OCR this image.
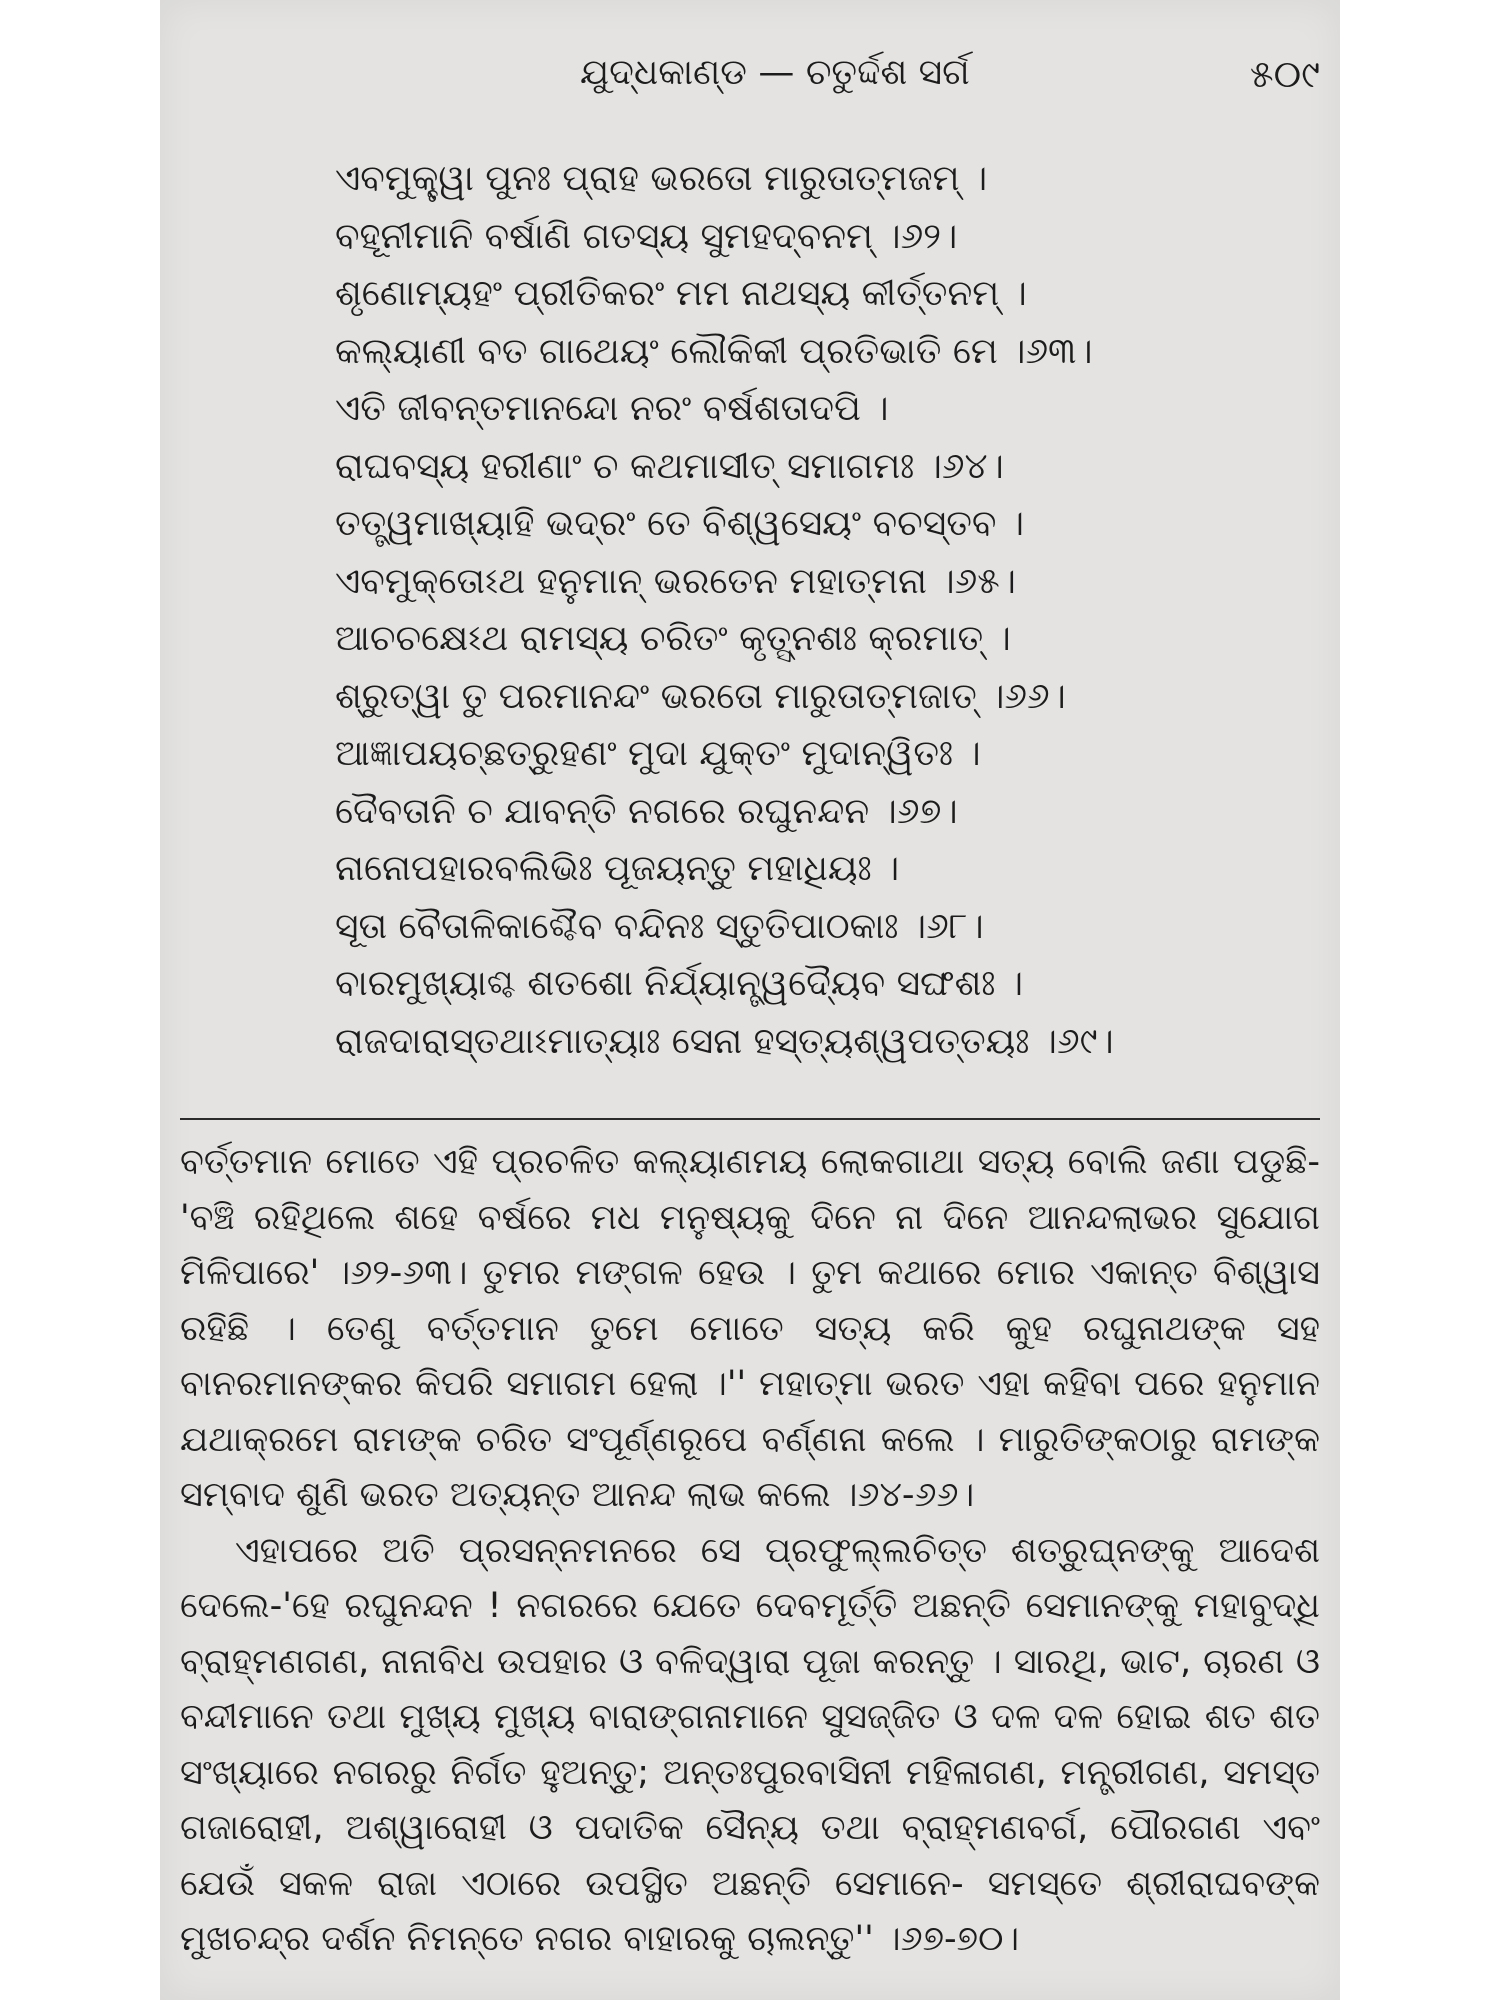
ଯୁଦ୍ଧକାଣ୍ଡ — ଚତୁର୍ଦ୍ଦଶ ସର୍ଗ	୫୦୯
ଏବମୁକ୍ତ୍ୱା ପୁନଃ ପ୍ରାହ ଭରତୋ ମାରୁତାତ୍ମଜମ୍ ।
ବହୂନୀମାନି ବର୍ଷାଣି ଗତସ୍ୟ ସୁମହଦ୍‌ବନମ୍ ।୬୨।
ଶୃଣୋମ୍ୟହଂ ପ୍ରୀତିକରଂ ମମ ନାଥସ୍ୟ କୀର୍ତ୍ତନମ୍ ।
କଲ୍ୟାଣୀ ବତ ଗାଥେୟଂ ଲୌକିକୀ ପ୍ରତିଭାତି ମେ ।୬୩।
ଏତି ଜୀବନ୍ତମାନନ୍ଦୋ ନରଂ ବର୍ଷଶତାଦପି ।
ରାଘବସ୍ୟ ହରୀଣାଂ ଚ କଥମାସୀତ୍ ସମାଗମଃ ।୬୪।
ତତ୍ତ୍ୱମାଖ୍ୟାହି ଭଦ୍ରଂ ତେ ବିଶ୍ୱସେୟଂ ବଚସ୍ତବ ।
ଏବମୁକ୍ତୋଽଥ ହନୁମାନ୍ ଭରତେନ ମହାତ୍ମନା ।୬୫।
ଆଚଚକ୍ଷେଽଥ ରାମସ୍ୟ ଚରିତଂ କୃତ୍ସ୍ନଶଃ କ୍ରମାତ୍ ।
ଶ୍ରୁତ୍ୱା ତୁ ପରମାନନ୍ଦଂ ଭରତୋ ମାରୁତାତ୍ମଜାତ୍ ।୬୬।
ଆଜ୍ଞାପୟଚ୍ଛତ୍ରୁହଣଂ ମୁଦା ଯୁକ୍ତଂ ମୁଦାନ୍ୱିତଃ ।
ଦୈବତାନି ଚ ଯାବନ୍ତି ନଗରେ ରଘୁନନ୍ଦନ ।୬୭।
ନାନୋପହାରବଲିଭିଃ ପୂଜୟନ୍ତୁ ମହାଧିୟଃ ।
ସୂତା ବୈତାଳିକାଶ୍ଚୈବ ବନ୍ଦିନଃ ସ୍ତୁତିପାଠକାଃ ।୬୮।
ବାରମୁଖ୍ୟାଶ୍ଚ ଶତଶୋ ନିର୍ଯ୍ୟାନ୍ତ୍ୱଦ୍ୟୈବ ସଙ୍ଘଶଃ ।
ରାଜଦାରାସ୍ତଥାଽମାତ୍ୟାଃ ସେନା ହସ୍ତ୍ୟଶ୍ୱପତ୍ତୟଃ ।୬୯।

ବର୍ତ୍ତମାନ ମୋତେ ଏହି ପ୍ରଚଳିତ କଲ୍ୟାଣମୟ ଲୋକଗାଥା ସତ୍ୟ ବୋଲି ଜଣା ପଡୁଛି-'ବଞ୍ଚି ରହିଥିଲେ ଶହେ ବର୍ଷରେ ମଧ ମନୁଷ୍ୟକୁ ଦିନେ ନା ଦିନେ ଆନନ୍ଦଲାଭର ସୁଯୋଗ ମିଳିପାରେ' ।୬୨-୬୩। ତୁମର ମଙ୍ଗଳ ହେଉ । ତୁମ କଥାରେ ମୋର ଏକାନ୍ତ ବିଶ୍ୱାସ ରହିଛି । ତେଣୁ ବର୍ତ୍ତମାନ ତୁମେ ମୋତେ ସତ୍ୟ କରି କୁହ ରଘୁନାଥଙ୍କ ସହ ବାନରମାନଙ୍କର କିପରି ସମାଗମ ହେଲା ।'' ମହାତ୍ମା ଭରତ ଏହା କହିବା ପରେ ହନୁମାନ ଯଥାକ୍ରମେ ରାମଙ୍କ ଚରିତ ସଂପୂର୍ଣ୍ଣରୂପେ ବର୍ଣ୍ଣନା କଲେ । ମାରୁତିଙ୍କଠାରୁ ରାମଙ୍କ ସମ୍ବାଦ ଶୁଣି ଭରତ ଅତ୍ୟନ୍ତ ଆନନ୍ଦ ଲାଭ କଲେ ।୬୪-୬୬।

ଏହାପରେ ଅତି ପ୍ରସନ୍ନମନରେ ସେ ପ୍ରଫୁଲ୍ଲଚିତ୍ତ ଶତ୍ରୁଘ୍ନଙ୍କୁ ଆଦେଶ ଦେଲେ-'ହେ ରଘୁନନ୍ଦନ ! ନଗରରେ ଯେତେ ଦେବମୂର୍ତ୍ତି ଅଛନ୍ତି ସେମାନଙ୍କୁ ମହାବୁଦ୍ଧି ବ୍ରାହ୍ମଣଗଣ, ନାନାବିଧ ଉପହାର ଓ ବଳିଦ୍ୱାରା ପୂଜା କରନ୍ତୁ । ସାରଥି, ଭାଟ, ଚାରଣ ଓ ବନ୍ଦୀମାନେ ତଥା ମୁଖ୍ୟ ମୁଖ୍ୟ ବାରାଙ୍ଗନାମାନେ ସୁସଜ୍ଜିତ ଓ ଦଳ ଦଳ ହୋଇ ଶତ ଶତ ସଂଖ୍ୟାରେ ନଗରରୁ ନିର୍ଗତ ହୁଅନ୍ତୁ; ଅନ୍ତଃପୁରବାସିନୀ ମହିଳାଗଣ, ମନ୍ତ୍ରୀଗଣ, ସମସ୍ତ ଗଜାରୋହୀ, ଅଶ୍ୱାରୋହୀ ଓ ପଦାତିକ ସୈନ୍ୟ ତଥା ବ୍ରାହ୍ମଣବର୍ଗ, ପୌରଗଣ ଏବଂ ଯେଉଁ ସକଳ ରାଜା ଏଠାରେ ଉପସ୍ଥିତ ଅଛନ୍ତି ସେମାନେ- ସମସ୍ତେ ଶ୍ରୀରାଘବଙ୍କ ମୁଖଚନ୍ଦ୍ର ଦର୍ଶନ ନିମନ୍ତେ ନଗର ବାହାରକୁ ଚାଲନ୍ତୁ'' ।୬୭-୭୦।
